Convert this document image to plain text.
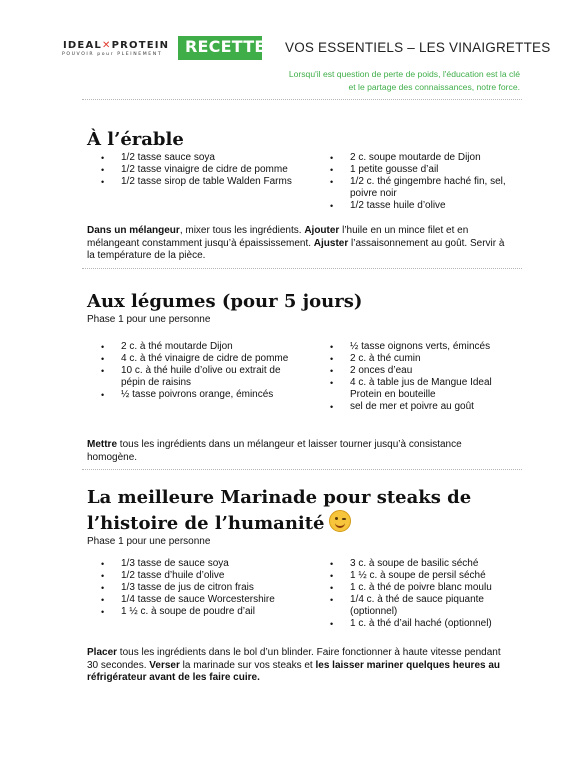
IDEAL✕PROTEIN
POUVOIR pour PLEINEMENT RECETTES VOS ESSENTIELS – LES VINAIGRETTES
Lorsqu'il est question de perte de poids, l'éducation est la clé
et le partage des connaissances, notre force.
À l’érable
• 1/2 tasse sauce soya
• 1/2 tasse vinaigre de cidre de pomme
• 1/2 tasse sirop de table Walden Farms
• 2 c. soupe moutarde de Dijon
• 1 petite gousse d’ail
• 1/2 c. thé gingembre haché fin, sel, poivre noir
• 1/2 tasse huile d’olive

Dans un mélangeur, mixer tous les ingrédients. Ajouter l’huile en un mince filet et en mélangeant constamment jusqu’à épaississement. Ajuster l’assaisonnement au goût. Servir à la température de la pièce.

Aux légumes (pour 5 jours)

Phase 1 pour une personne

• 2 c. à thé moutarde Dijon
• 4 c. à thé vinaigre de cidre de pomme
• 10 c. à thé huile d’olive ou extrait de pépin de raisins
• ½ tasse poivrons orange, émincés
• ½ tasse oignons verts, émincés
• 2 c. à thé cumin
• 2 onces d’eau
• 4 c. à table jus de Mangue Ideal Protein en bouteille
• sel de mer et poivre au goût

Mettre tous les ingrédients dans un mélangeur et laisser tourner jusqu’à consistance homogène.

La meilleure Marinade pour steaks de
l’histoire de l’humanité

Phase 1 pour une personne

• 1/3 tasse de sauce soya
• 1/2 tasse d’huile d’olive
• 1/3 tasse de jus de citron frais
• 1/4 tasse de sauce Worcestershire
• 1 ½ c. à soupe de poudre d’ail
• 3 c. à soupe de basilic séché
• 1 ½ c. à soupe de persil séché
• 1 c. à thé de poivre blanc moulu
• 1/4 c. à thé de sauce piquante (optionnel)
• 1 c. à thé d’ail haché (optionnel)

Placer tous les ingrédients dans le bol d’un blinder. Faire fonctionner à haute vitesse pendant 30 secondes. Verser la marinade sur vos steaks et les laisser mariner quelques heures au réfrigérateur avant de les faire cuire.
